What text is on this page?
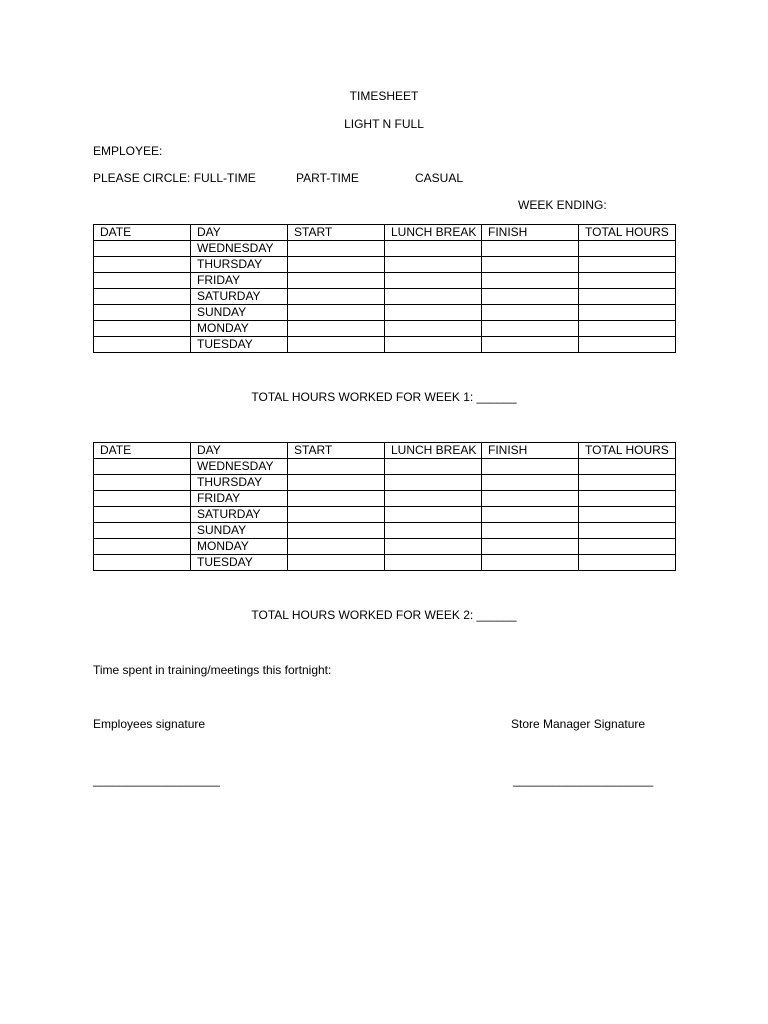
TIMESHEET
LIGHT N FULL
EMPLOYEE:
PLEASE CIRCLE: FULL-TIME	PART-TIME	CASUAL
WEEK ENDING:
DATE	DAY	START	LUNCH BREAK	FINISH	TOTAL HOURS
	WEDNESDAY				
	THURSDAY				
	FRIDAY				
	SATURDAY				
	SUNDAY				
	MONDAY				
	TUESDAY				
TOTAL HOURS WORKED FOR WEEK 1: ______
DATE	DAY	START	LUNCH BREAK	FINISH	TOTAL HOURS
	WEDNESDAY				
	THURSDAY				
	FRIDAY				
	SATURDAY				
	SUNDAY				
	MONDAY				
	TUESDAY				
TOTAL HOURS WORKED FOR WEEK 2: ______
Time spent in training/meetings this fortnight:
Employees signature	Store Manager Signature
___________________	_____________________
